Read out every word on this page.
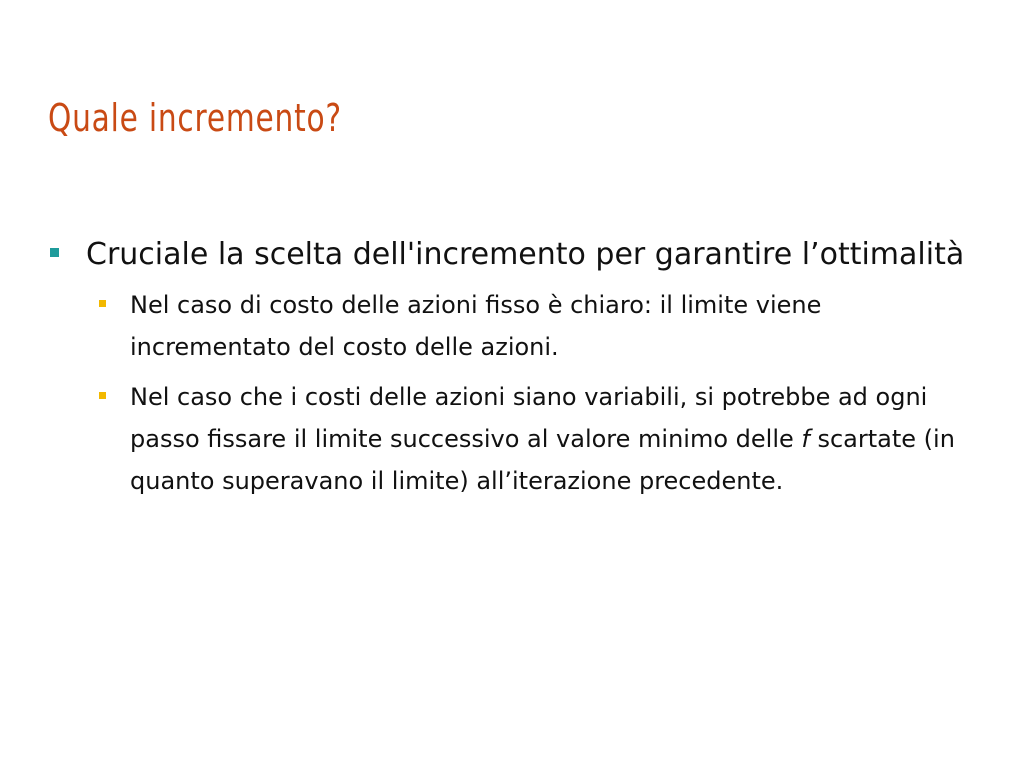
Quale incremento?
Cruciale la scelta dell'incremento per garantire l’ottimalità
Nel caso di costo delle azioni fisso è chiaro: il limite viene incrementato del costo delle azioni.
Nel caso che i costi delle azioni siano variabili, si potrebbe ad ogni passo fissare il limite successivo al valore minimo delle f scartate (in quanto superavano il limite) all’iterazione precedente.
